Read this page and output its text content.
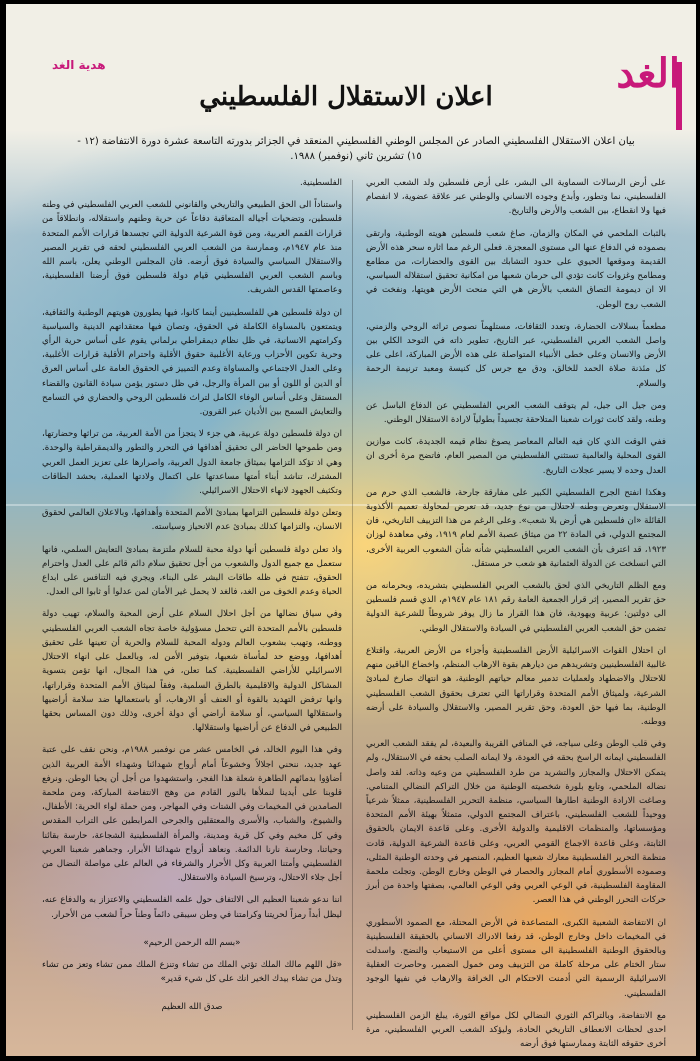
هدية الغد	الغد
اعلان الاستقلال الفلسطيني
بيان اعلان الاستقلال الفلسطيني الصادر عن المجلس الوطني الفلسطيني المنعقد في الجزائر بدورته التاسعة عشرة دورة الانتفاضة (١٢ - ١٥) تشرين ثاني (نوفمبر) ١٩٨٨.

على أرض الرسالات السماوية الى البشر، على أرض فلسطين ولد الشعب العربي الفلسطيني، نما وتطور، وأبدع وجوده الانساني والوطني عبر علاقة عضوية، لا انفصام فيها ولا انقطاع، بين الشعب والأرض والتاريخ.

بالثبات الملحمي في المكان والزمان، صاغ شعب فلسطين هويته الوطنية، وارتقى بصموده في الدفاع عنها الى مستوى المعجزة. فعلى الرغم مما اثاره سحر هذه الأرض القديمة وموقعها الحيوي على حدود التشابك بين القوى والحضارات، من مطامع ومطامح وغزوات كانت تؤدي الى حرمان شعبها من امكانية تحقيق استقلاله السياسي، الا ان ديمومة التصاق الشعب بالأرض هي التي منحت الأرض هويتها، ونفخت في الشعب روح الوطن.

مطعماً بسلالات الحضارة، وتعدد الثقافات، مستلهماً نصوص تراثه الروحي والزمني، واصل الشعب العربي الفلسطيني، عبر التاريخ، تطوير ذاته في التوحد الكلي بين الأرض والانسان وعلى خطى الأنبياء المتواصلة على هذه الأرض المباركة، اعلى على كل مئذنة صلاة الحمد للخالق، ودق مع جرس كل كنيسة ومعبد ترنيمة الرحمة والسلام.

ومن جيل الى جيل، لم يتوقف الشعب العربي الفلسطيني عن الدفاع الباسل عن وطنه، ولقد كانت ثورات شعبنا المتلاحقة تجسيداً بطولياً لارادة الاستقلال الوطني.

ففي الوقت الذي كان فيه العالم المعاصر يصوغ نظام قيمه الجديدة، كانت موازين القوى المحلية والعالمية تستثني الفلسطيني من المصير العام، فاتضح مرة أخرى ان العدل وحده لا يسير عجلات التاريخ.

وهكذا انفتح الجرح الفلسطيني الكبير على مفارقة جارحة، فالشعب الذي حرم من الاستقلال وتعرض وطنه لاحتلال من نوع جديد، قد تعرض لمحاولة تعميم الأكذوبة القائلة «ان فلسطين هي أرض بلا شعب». وعلى الرغم من هذا التزييف التاريخي، فان المجتمع الدولي، في المادة ٢٢ من ميثاق عصبة الأمم لعام ١٩١٩، وفي معاهدة لوزان ١٩٢٣، قد اعترف بأن الشعب العربي الفلسطيني شأنه شأن الشعوب العربية الأخرى، التي انسلخت عن الدولة العثمانية هو شعب حر مستقل.

ومع الظلم التاريخي الذي لحق بالشعب العربي الفلسطيني بتشريده، وبحرمانه من حق تقرير المصير، إثر قرار الجمعية العامة رقم ١٨١ عام ١٩٤٧م، الذي قسم فلسطين الى دولتين: عربية ويهودية، فان هذا القرار ما زال يوفر شروطاً للشرعية الدولية تضمن حق الشعب العربي الفلسطيني في السيادة والاستقلال الوطني.

ان احتلال القوات الاسرائيلية الأرض الفلسطينية وأجزاء من الأرض العربية، واقتلاع غالبية الفلسطينيين وتشريدهم من ديارهم بقوة الارهاب المنظم، واخضاع الباقين منهم للاحتلال والاضطهاد ولعمليات تدمير معالم حياتهم الوطنية، هو انتهاك صارخ لمبادئ الشرعية، ولميثاق الأمم المتحدة وقراراتها التي تعترف بحقوق الشعب الفلسطيني الوطنية، بما فيها حق العودة، وحق تقرير المصير، والاستقلال والسيادة على أرضه ووطنه.

وفي قلب الوطن وعلى سياجه، في المنافي القريبة والبعيدة، لم يفقد الشعب العربي الفلسطيني ايمانه الراسخ بحقه في العودة، ولا ايمانه الصلب بحقه في الاستقلال، ولم يتمكن الاحتلال والمجازر والتشريد من طرد الفلسطيني من وعيه وذاته. لقد واصل نضاله الملحمي، وتابع بلورة شخصيته الوطنية من خلال التراكم النضالي المتنامي. وصاغت الارادة الوطنية اطارها السياسي، منظمة التحرير الفلسطينية، ممثلاً شرعياً ووحيداً للشعب الفلسطيني، باعتراف المجتمع الدولي، متمثلاً بهيئة الأمم المتحدة ومؤسساتها، والمنظمات الاقليمية والدولية الأخرى. وعلى قاعدة الايمان بالحقوق الثابتة، وعلى قاعدة الاجماع القومي العربي، وعلى قاعدة الشرعية الدولية، قادت منظمة التحرير الفلسطينية معارك شعبها العظيم، المنصهر في وحدته الوطنية المثلى، وصموده الأسطوري أمام المجازر والحصار في الوطن وخارج الوطن. وتجلت ملحمة المقاومة الفلسطينية، في الوعي العربي وفي الوعي العالمي، بصفتها واحدة من أبرز حركات التحرر الوطني في هذا العصر.

ان الانتفاضة الشعبية الكبرى، المتصاعدة في الأرض المحتلة، مع الصمود الأسطوري في المخيمات داخل وخارج الوطن، قد رفعا الادراك الانساني بالحقيقة الفلسطينية وبالحقوق الوطنية الفلسطينية الى مستوى أعلى من الاستيعاب والنضج. واسدلت ستار الختام على مرحلة كاملة من التزييف ومن خمول الضمير، وحاصرت العقلية الاسرائيلية الرسمية التي أدمنت الاحتكام الى الخرافة والارهاب في نفيها الوجود الفلسطيني.

مع الانتفاضة، وبالتراكم الثوري النضالي لكل مواقع الثورة، يبلغ الزمن الفلسطيني احدى لحظات الانعطاف التاريخي الحادة، وليؤكد الشعب العربي الفلسطيني، مرة أخرى حقوقه الثابتة وممارستها فوق أرضه

الفلسطينية.

واستناداً الى الحق الطبيعي والتاريخي والقانوني للشعب العربي الفلسطيني في وطنه فلسطين، وتضحيات أجياله المتعاقبة دفاعاً عن حرية وطنهم واستقلاله، وانطلاقاً من قرارات القمم العربية، ومن قوة الشرعية الدولية التي تجسدها قرارات الأمم المتحدة منذ عام ١٩٤٧م، وممارسة من الشعب العربي الفلسطيني لحقه في تقرير المصير والاستقلال السياسي والسيادة فوق أرضه. فان المجلس الوطني يعلن، باسم الله وباسم الشعب العربي الفلسطيني قيام دولة فلسطين فوق أرضنا الفلسطينية، وعاصمتها القدس الشريف.

ان دولة فلسطين هي للفلسطينيين أينما كانوا، فيها يطورون هويتهم الوطنية والثقافية، ويتمتعون بالمساواة الكاملة في الحقوق، وتصان فيها معتقداتهم الدينية والسياسية وكرامتهم الانسانية، في ظل نظام ديمقراطي برلماني يقوم على أساس حرية الرأي وحرية تكوين الأحزاب ورعاية الأغلبية حقوق الأقلية واحترام الأقلية قرارات الأغلبية، وعلى العدل الاجتماعي والمساواة وعدم التمييز في الحقوق العامة على أساس العرق أو الدين أو اللون أو بين المرأة والرجل، في ظل دستور يؤمن سيادة القانون والقضاء المستقل وعلى أساس الوفاء الكامل لتراث فلسطين الروحي والحضاري في التسامح والتعايش السمح بين الأديان عبر القرون.

ان دولة فلسطين دولة عربية، هي جزء لا يتجزأ من الأمة العربية، من تراثها وحضارتها، ومن طموحها الحاضر الى تحقيق أهدافها في التحرر والتطور والديمقراطية والوحدة. وهي اذ تؤكد التزامها بميثاق جامعة الدول العربية، واصرارها على تعزيز العمل العربي المشترك، تناشد أبناء أمتها مساعدتها على اكتمال ولادتها العملية، بحشد الطاقات وتكثيف الجهود لانهاء الاحتلال الاسرائيلي.

وتعلن دولة فلسطين التزامها بمبادئ الأمم المتحدة وأهدافها، وبالاعلان العالمي لحقوق الانسان، والتزامها كذلك بمبادئ عدم الانحياز وسياسته.

واذ تعلن دولة فلسطين أنها دولة محبة للسلام ملتزمة بمبادئ التعايش السلمي، فانها ستعمل مع جميع الدول والشعوب من أجل تحقيق سلام دائم قائم على العدل واحترام الحقوق، تتفتح في ظله طاقات البشر على البناء، ويجري فيه التنافس على ابداع الحياة وعدم الخوف من الغد، فالغد لا يحمل غير الأمان لمن عدلوا أو ثابوا الى العدل.

وفي سياق نضالها من أجل احلال السلام على أرض المحبة والسلام، تهيب دولة فلسطين بالأمم المتحدة التي تتحمل مسؤولية خاصة تجاه الشعب العربي الفلسطيني ووطنه، وتهيب بشعوب العالم ودوله المحبة للسلام والحرية أن تعينها على تحقيق أهدافها، ووضع حد لمأساة شعبها، بتوفير الأمن له، وبالعمل على انهاء الاحتلال الاسرائيلي للأراضي الفلسطينية. كما تعلن، في هذا المجال، انها تؤمن بتسوية المشاكل الدولية والاقليمية بالطرق السلمية، وفقاً لميثاق الأمم المتحدة وقراراتها، وانها ترفض التهديد بالقوة أو العنف أو الارهاب، أو باستعمالها ضد سلامة أراضيها واستقلالها السياسي، أو سلامة أراضي أي دولة أخرى، وذلك دون المساس بحقها الطبيعي في الدفاع عن أراضيها واستقلالها.

وفي هذا اليوم الخالد، في الخامس عشر من نوفمبر ١٩٨٨م، ونحن نقف على عتبة عهد جديد، ننحني اجلالاً وخشوعاً أمام أرواح شهدائنا وشهداء الأمة العربية الذين أضاؤوا بدمائهم الطاهرة شعلة هذا الفجر، واستشهدوا من أجل أن يحيا الوطن. ونرفع قلوبنا على أيدينا لنملأها بالنور القادم من وهج الانتفاضة المباركة، ومن ملحمة الصامدين في المخيمات وفي الشتات وفي المهاجر، ومن حملة لواء الحرية: الأطفال، والشيوخ، والشباب، والأسرى والمعتقلين والجرحى المرابطين على التراب المقدس وفي كل مخيم وفي كل قرية ومدينة، والمرأة الفلسطينية الشجاعة، حارسة بقائنا وحياتنا، وحارسة نارنا الدائمة. ونعاهد أرواح شهدائنا الأبرار، وجماهير شعبنا العربي الفلسطيني وأمتنا العربية وكل الأحرار والشرفاء في العالم على مواصلة النضال من أجل جلاء الاحتلال، وترسيخ السيادة والاستقلال.

اننا ندعو شعبنا العظيم الى الالتفاف حول علمه الفلسطيني والاعتزاز به والدفاع عنه، ليظل أبداً رمزاً لحريتنا وكرامتنا في وطن سيبقى دائماً وطناً حراً لشعب من الأحرار.

«بسم الله الرحمن الرحيم»

«قل اللهم مالك الملك تؤتي الملك من تشاء وتنزع الملك ممن تشاء وتعز من تشاء وتذل من تشاء بيدك الخير انك على كل شيء قدير»

صدق الله العظيم
